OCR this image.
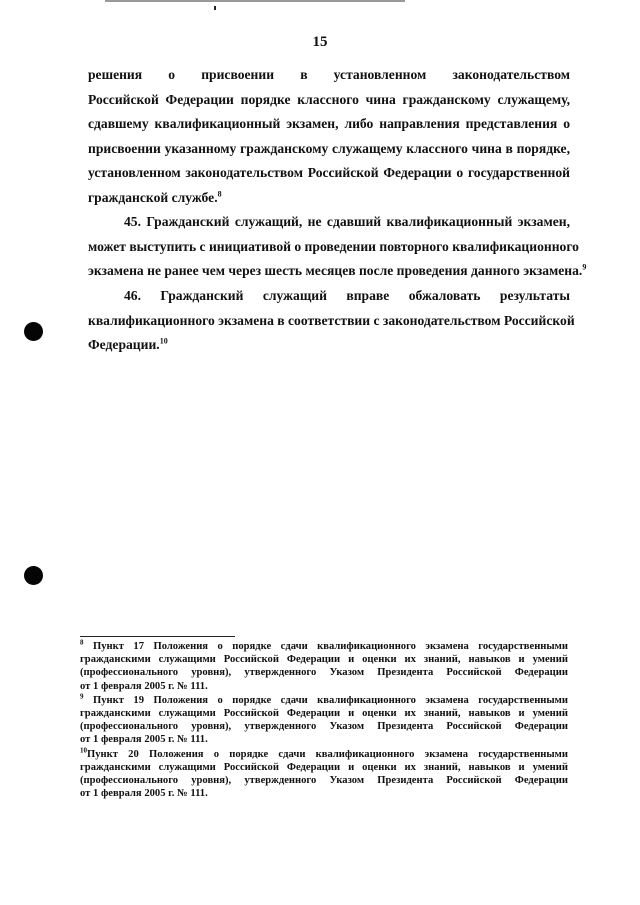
15
решения о присвоении в установленном законодательством
Российской Федерации порядке классного чина гражданскому служащему,
сдавшему квалификационный экзамен, либо направления представления о
присвоении указанному гражданскому служащему классного чина в порядке,
установленном законодательством Российской Федерации о государственной
гражданской службе.$^8$
45. Гражданский служащий, не сдавший квалификационный экзамен,
может выступить с инициативой о проведении повторного квалификационного
экзамена не ранее чем через шесть месяцев после проведения данного экзамена.$^9$
46. Гражданский служащий вправе обжаловать результаты
квалификационного экзамена в соответствии с законодательством Российской
Федерации.$^{10}$
$^8$ Пункт 17 Положения о порядке сдачи квалификационного экзамена государственными
гражданскими служащими Российской Федерации и оценки их знаний, навыков и умений
(профессионального уровня), утвержденного Указом Президента Российской Федерации
от 1 февраля 2005 г. № 111.
$^9$ Пункт 19 Положения о порядке сдачи квалификационного экзамена государственными
гражданскими служащими Российской Федерации и оценки их знаний, навыков и умений
(профессионального уровня), утвержденного Указом Президента Российской Федерации
от 1 февраля 2005 г. № 111.
$^{10}$Пункт 20 Положения о порядке сдачи квалификационного экзамена государственными
гражданскими служащими Российской Федерации и оценки их знаний, навыков и умений
(профессионального уровня), утвержденного Указом Президента Российской Федерации
от 1 февраля 2005 г. № 111.
